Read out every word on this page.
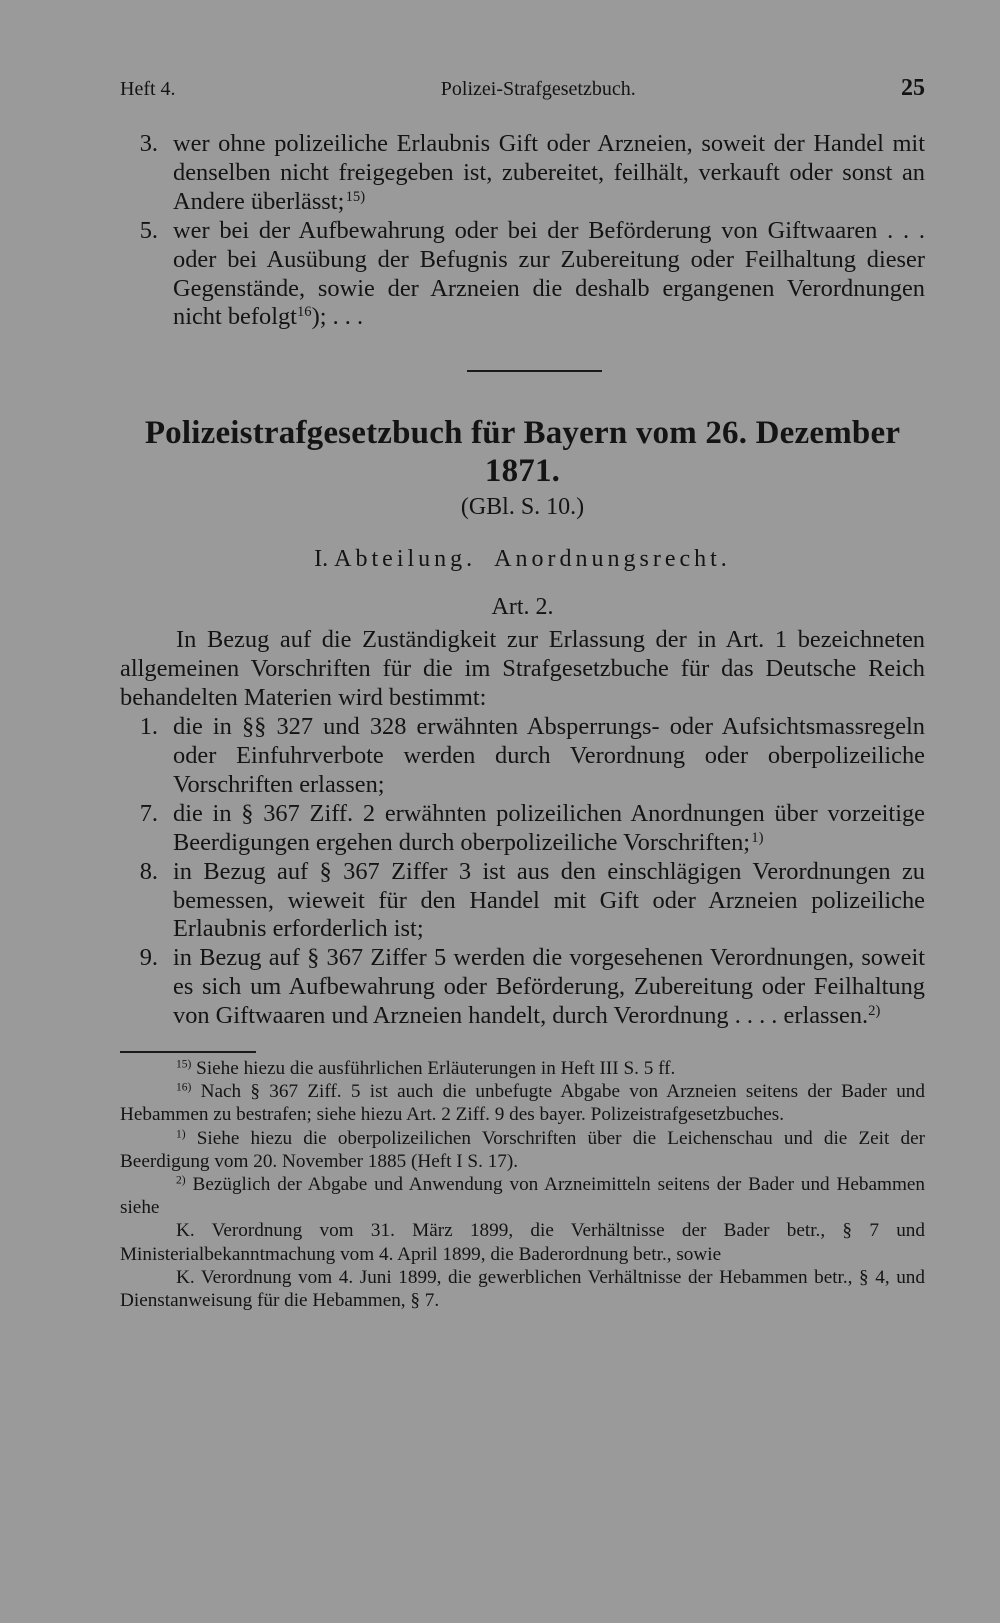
Heft 4.	Polizei-Strafgesetzbuch.	25
3. wer ohne polizeiliche Erlaubnis Gift oder Arzneien, soweit der Handel mit denselben nicht freigegeben ist, zubereitet, feilhält, verkauft oder sonst an Andere überlässt; $^{15)}$
5. wer bei der Aufbewahrung oder bei der Beförderung von Giftwaaren . . . oder bei Ausübung der Befugnis zur Zubereitung oder Feilhaltung dieser Gegenstände, sowie der Arzneien die deshalb ergangenen Verordnungen nicht befolgt$^{16}$); . . .
Polizeistrafgesetzbuch für Bayern vom 26. Dezember 1871.
(GBl. S. 10.)
I. Abteilung. Anordnungsrecht.
Art. 2.
In Bezug auf die Zuständigkeit zur Erlassung der in Art. 1 bezeichneten allgemeinen Vorschriften für die im Strafgesetzbuche für das Deutsche Reich behandelten Materien wird bestimmt:
1. die in §§ 327 und 328 erwähnten Absperrungs- oder Aufsichtsmassregeln oder Einfuhrverbote werden durch Verordnung oder oberpolizeiliche Vorschriften erlassen;
7. die in § 367 Ziff. 2 erwähnten polizeilichen Anordnungen über vorzeitige Beerdigungen ergehen durch oberpolizeiliche Vorschriften; $^{1)}$
8. in Bezug auf § 367 Ziffer 3 ist aus den einschlägigen Verordnungen zu bemessen, wieweit für den Handel mit Gift oder Arzneien polizeiliche Erlaubnis erforderlich ist;
9. in Bezug auf § 367 Ziffer 5 werden die vorgesehenen Verordnungen, soweit es sich um Aufbewahrung oder Beförderung, Zubereitung oder Feilhaltung von Giftwaaren und Arzneien handelt, durch Verordnung . . . . erlassen.$^{2)}$
$^{15)}$ Siehe hiezu die ausführlichen Erläuterungen in Heft III S. 5 ff.
$^{16)}$ Nach § 367 Ziff. 5 ist auch die unbefugte Abgabe von Arzneien seitens der Bader und Hebammen zu bestrafen; siehe hiezu Art. 2 Ziff. 9 des bayer. Polizeistrafgesetzbuches.
$^{1)}$ Siehe hiezu die oberpolizeilichen Vorschriften über die Leichenschau und die Zeit der Beerdigung vom 20. November 1885 (Heft I S. 17).
$^{2)}$ Bezüglich der Abgabe und Anwendung von Arzneimitteln seitens der Bader und Hebammen siehe
K. Verordnung vom 31. März 1899, die Verhältnisse der Bader betr., § 7 und Ministerialbekanntmachung vom 4. April 1899, die Baderordnung betr., sowie
K. Verordnung vom 4. Juni 1899, die gewerblichen Verhältnisse der Hebammen betr., § 4, und Dienstanweisung für die Hebammen, § 7.
